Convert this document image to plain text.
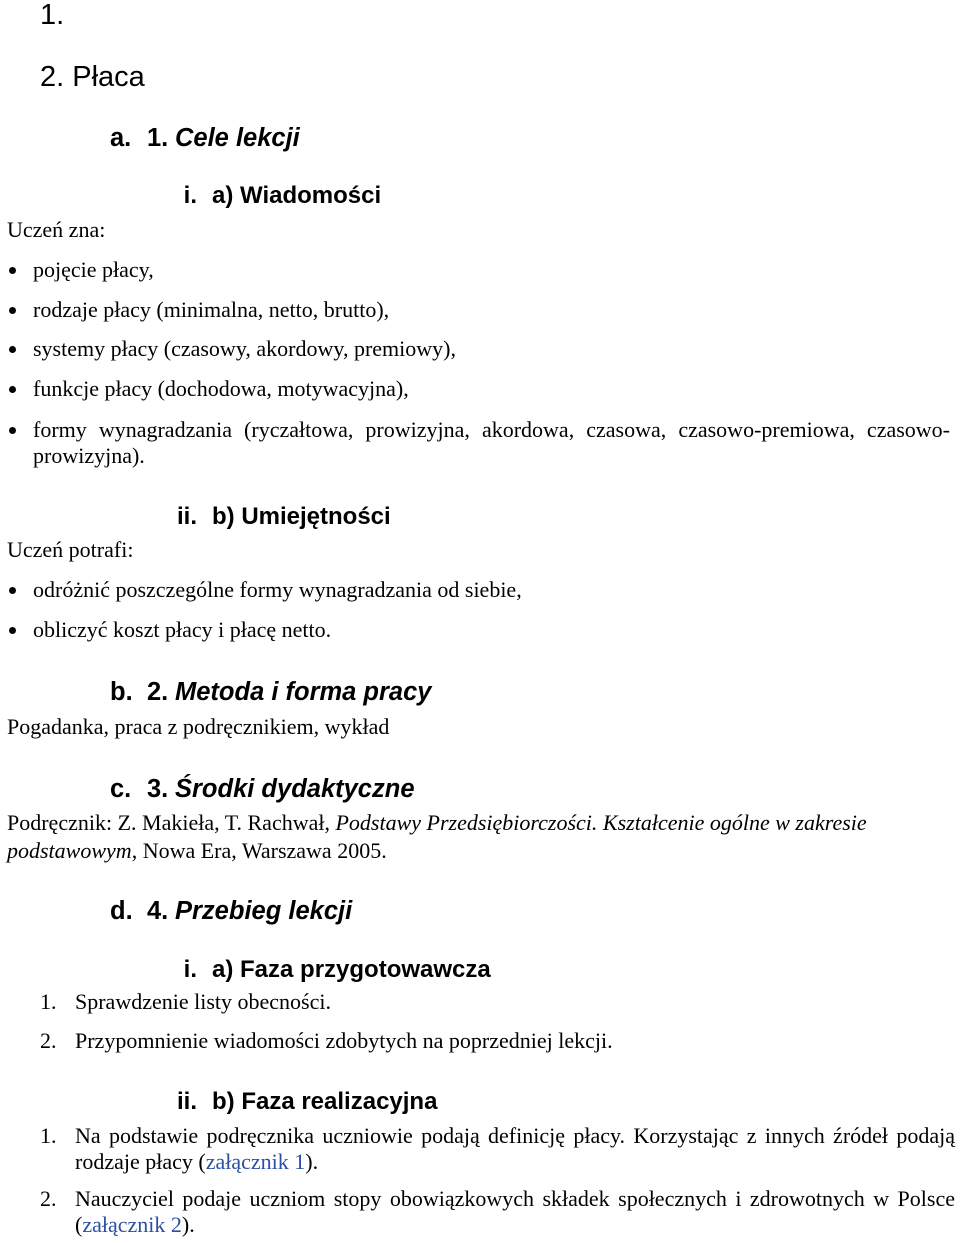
1.
2. Płaca
a. 1. Cele lekcji
i. a) Wiadomości
Uczeń zna:
pojęcie płacy,
rodzaje płacy (minimalna, netto, brutto),
systemy płacy (czasowy, akordowy, premiowy),
funkcje płacy (dochodowa, motywacyjna),
formy wynagradzania (ryczałtowa, prowizyjna, akordowa, czasowa, czasowo-premiowa, czasowo-prowizyjna).
ii. b) Umiejętności
Uczeń potrafi:
odróżnić poszczególne formy wynagradzania od siebie,
obliczyć koszt płacy i płacę netto.
b. 2. Metoda i forma pracy
Pogadanka, praca z podręcznikiem, wykład
c. 3. Środki dydaktyczne
Podręcznik: Z. Makieła, T. Rachwał, Podstawy Przedsiębiorczości. Kształcenie ogólne w zakresie podstawowym, Nowa Era, Warszawa 2005.
d. 4. Przebieg lekcji
i. a) Faza przygotowawcza
1. Sprawdzenie listy obecności.
2. Przypomnienie wiadomości zdobytych na poprzedniej lekcji.
ii. b) Faza realizacyjna
1. Na podstawie podręcznika uczniowie podają definicję płacy. Korzystając z innych źródeł podają rodzaje płacy (załącznik 1).
2. Nauczyciel podaje uczniom stopy obowiązkowych składek społecznych i zdrowotnych w Polsce (załącznik 2).
